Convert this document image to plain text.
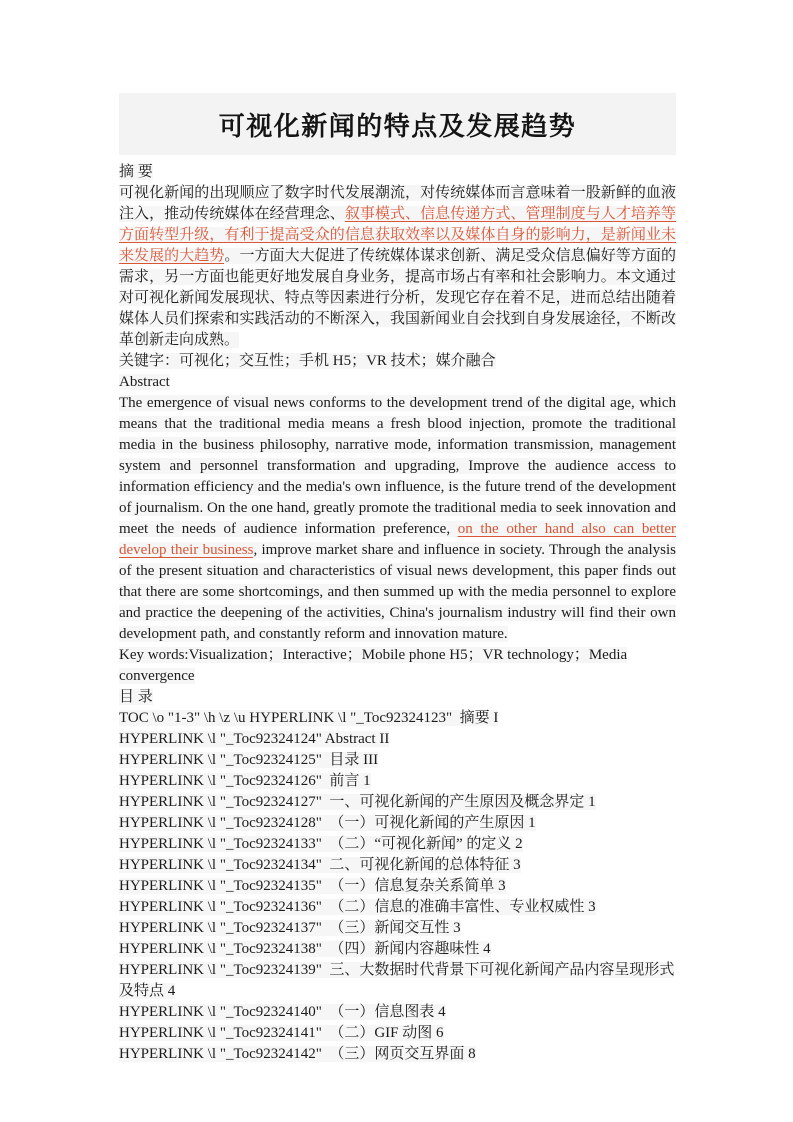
可视化新闻的特点及发展趋势

摘 要

可视化新闻的出现顺应了数字时代发展潮流，对传统媒体而言意味着一股新鲜的血液注入，推动传统媒体在经营理念、叙事模式、信息传递方式、管理制度与人才培养等方面转型升级，有利于提高受众的信息获取效率以及媒体自身的影响力，是新闻业未来发展的大趋势。一方面大大促进了传统媒体谋求创新、满足受众信息偏好等方面的需求，另一方面也能更好地发展自身业务，提高市场占有率和社会影响力。本文通过对可视化新闻发展现状、特点等因素进行分析，发现它存在着不足，进而总结出随着媒体人员们探索和实践活动的不断深入，我国新闻业自会找到自身发展途径，不断改革创新走向成熟。

关键字：可视化；交互性；手机 H5；VR 技术；媒介融合

Abstract

The emergence of visual news conforms to the development trend of the digital age, which means that the traditional media means a fresh blood injection, promote the traditional media in the business philosophy, narrative mode, information transmission, management system and personnel transformation and upgrading, Improve the audience access to information efficiency and the media's own influence, is the future trend of the development of journalism. On the one hand, greatly promote the traditional media to seek innovation and meet the needs of audience information preference, on the other hand also can better develop their business, improve market share and influence in society. Through the analysis of the present situation and characteristics of visual news development, this paper finds out that there are some shortcomings, and then summed up with the media personnel to explore and practice the deepening of the activities, China's journalism industry will find their own development path, and constantly reform and innovation mature.

Key words:Visualization；Interactive；Mobile phone H5；VR technology；Media convergence

目 录

TOC \o "1-3" \h \z \u HYPERLINK \l "_Toc92324123"  摘要 I

HYPERLINK \l "_Toc92324124" Abstract II

HYPERLINK \l "_Toc92324125"  目录 III

HYPERLINK \l "_Toc92324126"  前言 1

HYPERLINK \l "_Toc92324127"  一、可视化新闻的产生原因及概念界定 1

HYPERLINK \l "_Toc92324128"  （一）可视化新闻的产生原因 1

HYPERLINK \l "_Toc92324133"  （二）“可视化新闻” 的定义 2

HYPERLINK \l "_Toc92324134"  二、可视化新闻的总体特征 3

HYPERLINK \l "_Toc92324135"  （一）信息复杂关系简单 3

HYPERLINK \l "_Toc92324136"  （二）信息的准确丰富性、专业权威性 3

HYPERLINK \l "_Toc92324137"  （三）新闻交互性 3

HYPERLINK \l "_Toc92324138"  （四）新闻内容趣味性 4

HYPERLINK \l "_Toc92324139"  三、大数据时代背景下可视化新闻产品内容呈现形式及特点 4

HYPERLINK \l "_Toc92324140"  （一）信息图表 4

HYPERLINK \l "_Toc92324141"  （二）GIF 动图 6

HYPERLINK \l "_Toc92324142"  （三）网页交互界面 8
